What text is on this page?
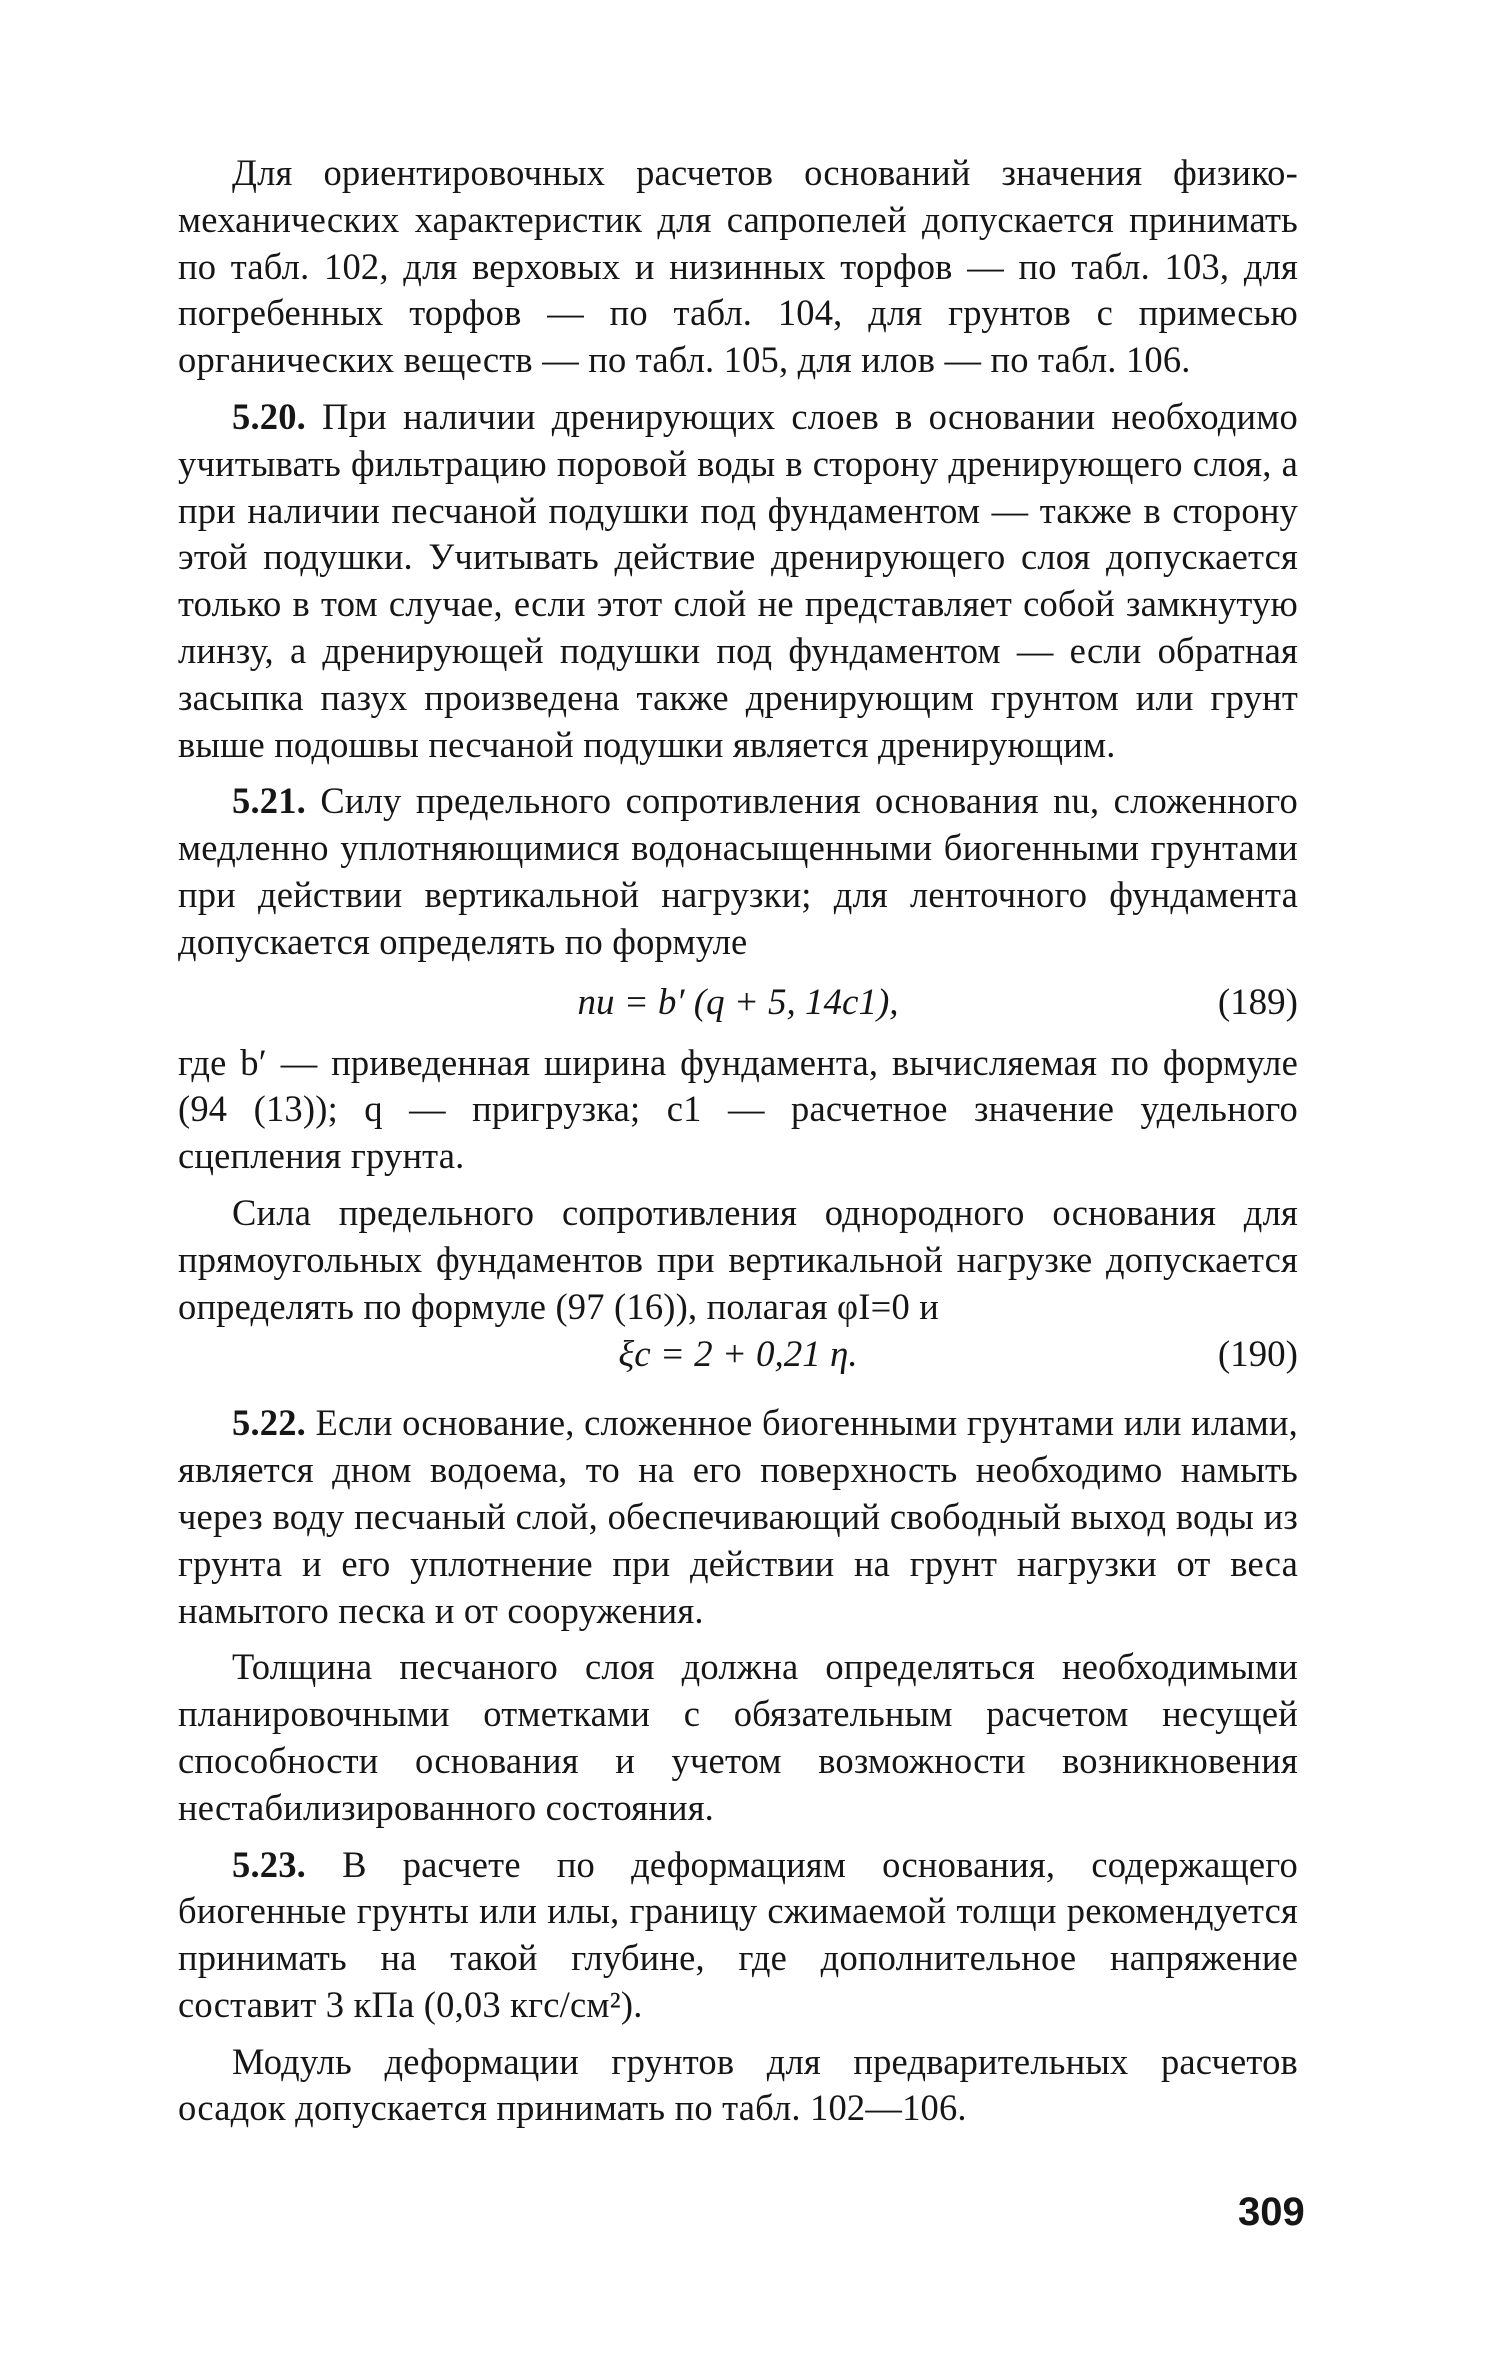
Для ориентировочных расчетов оснований значения физико-механических характеристик для сапропелей допускается принимать по табл. 102, для верховых и низинных торфов — по табл. 103, для погребенных торфов — по табл. 104, для грунтов с примесью органических веществ — по табл. 105, для илов — по табл. 106.

5.20. При наличии дренирующих слоев в основании необходимо учитывать фильтрацию поровой воды в сторону дренирующего слоя, а при наличии песчаной подушки под фундаментом — также в сторону этой подушки. Учитывать действие дренирующего слоя допускается только в том случае, если этот слой не представляет собой замкнутую линзу, а дренирующей подушки под фундаментом — если обратная засыпка пазух произведена также дренирующим грунтом или грунт выше подошвы песчаной подушки является дренирующим.

5.21. Силу предельного сопротивления основания nu, сложенного медленно уплотняющимися водонасыщенными биогенными грунтами при действии вертикальной нагрузки; для ленточного фундамента допускается определять по формуле

nu = b′ (q + 5, 14c1),	(189)

где b′ — приведенная ширина фундамента, вычисляемая по формуле (94 (13)); q — пригрузка; c1 — расчетное значение удельного сцепления грунта.

Сила предельного сопротивления однородного основания для прямоугольных фундаментов при вертикальной нагрузке допускается определять по формуле (97 (16)), полагая φI=0 и

ξc = 2 + 0,21 η.	(190)

5.22. Если основание, сложенное биогенными грунтами или илами, является дном водоема, то на его поверхность необходимо намыть через воду песчаный слой, обеспечивающий свободный выход воды из грунта и его уплотнение при действии на грунт нагрузки от веса намытого песка и от сооружения.

Толщина песчаного слоя должна определяться необходимыми планировочными отметками с обязательным расчетом несущей способности основания и учетом возможности возникновения нестабилизированного состояния.

5.23. В расчете по деформациям основания, содержащего биогенные грунты или илы, границу сжимаемой толщи рекомендуется принимать на такой глубине, где дополнительное напряжение составит 3 кПа (0,03 кгс/см²).

Модуль деформации грунтов для предварительных расчетов осадок допускается принимать по табл. 102—106.

309
